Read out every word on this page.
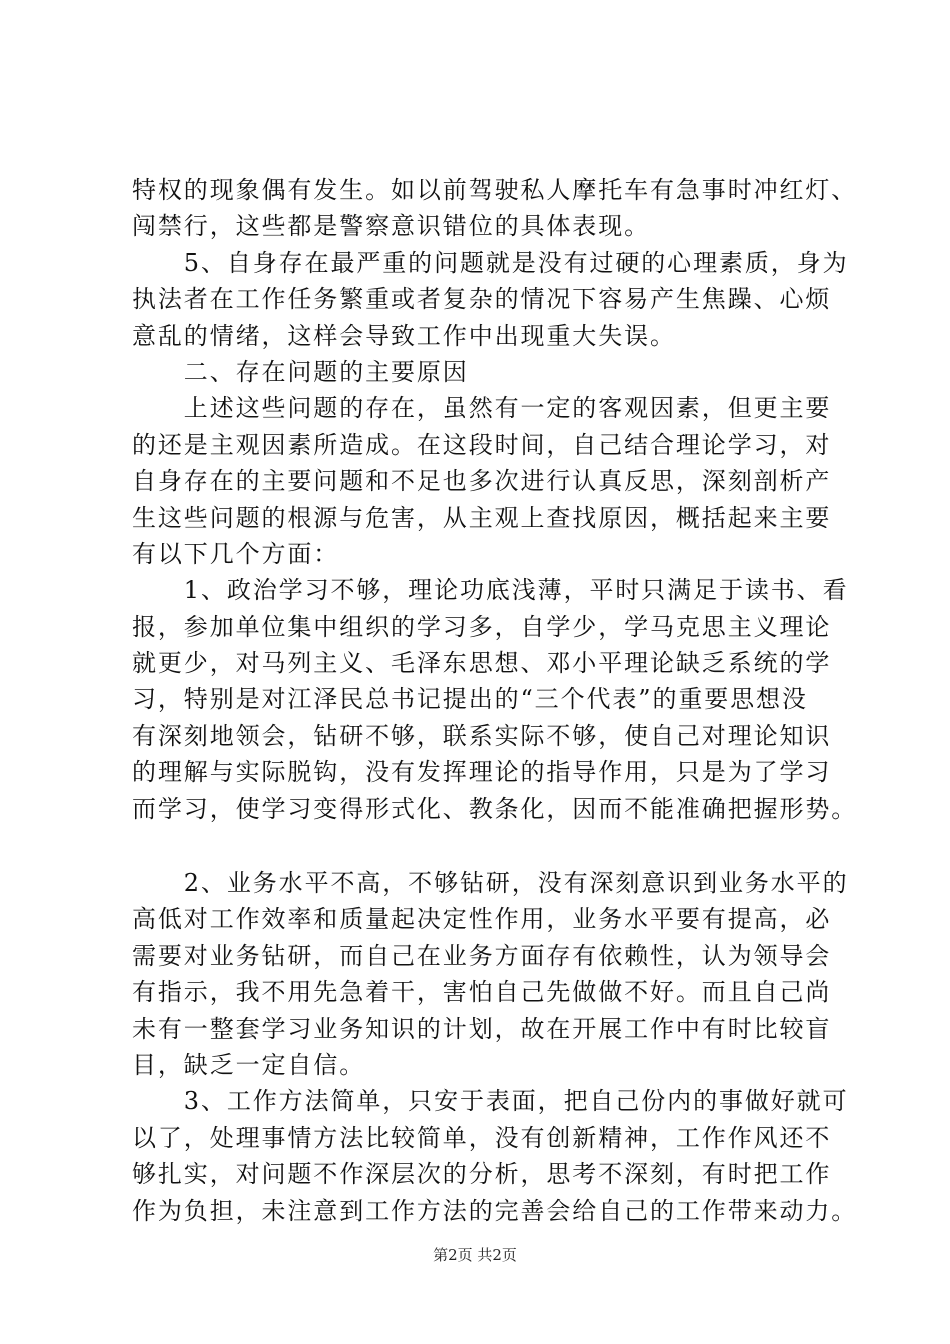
特权的现象偶有发生。如以前驾驶私人摩托车有急事时冲红灯、
闯禁行，这些都是警察意识错位的具体表现。
　　5、自身存在最严重的问题就是没有过硬的心理素质，身为
执法者在工作任务繁重或者复杂的情况下容易产生焦躁、心烦
意乱的情绪，这样会导致工作中出现重大失误。
　　二、存在问题的主要原因
　　上述这些问题的存在，虽然有一定的客观因素，但更主要
的还是主观因素所造成。在这段时间，自己结合理论学习，对
自身存在的主要问题和不足也多次进行认真反思，深刻剖析产
生这些问题的根源与危害，从主观上查找原因，概括起来主要
有以下几个方面：
　　1、政治学习不够，理论功底浅薄，平时只满足于读书、看
报，参加单位集中组织的学习多，自学少，学马克思主义理论
就更少，对马列主义、毛泽东思想、邓小平理论缺乏系统的学
习，特别是对江泽民总书记提出的“三个代表”的重要思想没
有深刻地领会，钻研不够，联系实际不够，使自己对理论知识
的理解与实际脱钩，没有发挥理论的指导作用，只是为了学习
而学习，使学习变得形式化、教条化，因而不能准确把握形势。
　　2、业务水平不高，不够钻研，没有深刻意识到业务水平的
高低对工作效率和质量起决定性作用，业务水平要有提高，必
需要对业务钻研，而自己在业务方面存有依赖性，认为领导会
有指示，我不用先急着干，害怕自己先做做不好。而且自己尚
未有一整套学习业务知识的计划，故在开展工作中有时比较盲
目，缺乏一定自信。
　　3、工作方法简单，只安于表面，把自己份内的事做好就可
以了，处理事情方法比较简单，没有创新精神，工作作风还不
够扎实，对问题不作深层次的分析，思考不深刻，有时把工作
作为负担，未注意到工作方法的完善会给自己的工作带来动力。
第2页 共2页
